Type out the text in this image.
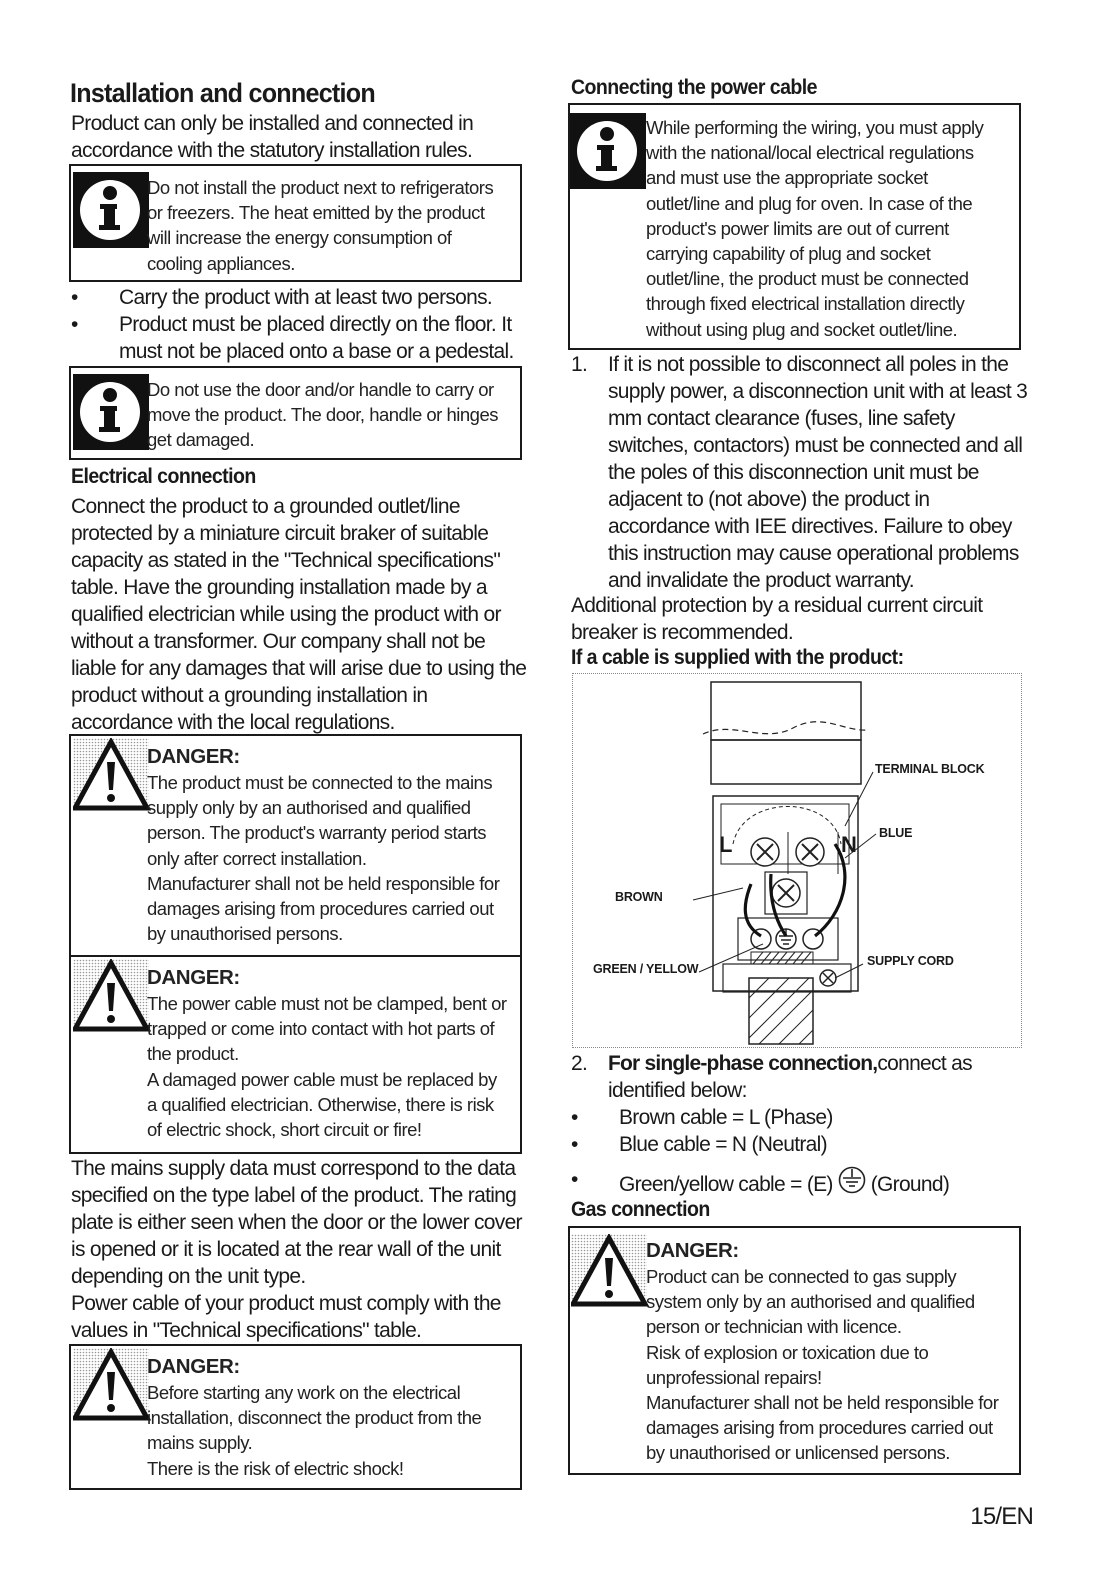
Installation and connection
Product can only be installed and connected in accordance with the statutory installation rules.
Do not install the product next to refrigerators
or freezers. The heat emitted by the product
will increase the energy consumption of
cooling appliances.
• Carry the product with at least two persons.
• Product must be placed directly on the floor. It must not be placed onto a base or a pedestal.
Do not use the door and/or handle to carry or
move the product. The door, handle or hinges
get damaged.
Electrical connection
Connect the product to a grounded outlet/line protected by a miniature circuit braker of suitable capacity as stated in the "Technical specifications" table. Have the grounding installation made by a qualified electrician while using the product with or without a transformer. Our company shall not be liable for any damages that will arise due to using the product without a grounding installation in accordance with the local regulations.
DANGER:
The product must be connected to the mains
supply only by an authorised and qualified
person. The product's warranty period starts
only after correct installation.
Manufacturer shall not be held responsible for
damages arising from procedures carried out
by unauthorised persons.
DANGER:
The power cable must not be clamped, bent or
trapped or come into contact with hot parts of
the product.
A damaged power cable must be replaced by
a qualified electrician. Otherwise, there is risk
of electric shock, short circuit or fire!
The mains supply data must correspond to the data specified on the type label of the product. The rating plate is either seen when the door or the lower cover is opened or it is located at the rear wall of the unit depending on the unit type.
Power cable of your product must comply with the values in "Technical specifications" table.
DANGER:
Before starting any work on the electrical
installation, disconnect the product from the
mains supply.
There is the risk of electric shock!
Connecting the power cable
While performing the wiring, you must apply
with the national/local electrical regulations
and must use the appropriate socket
outlet/line and plug for oven. In case of the
product's power limits are out of current
carrying capability of plug and socket
outlet/line, the product must be connected
through fixed electrical installation directly
without using plug and socket outlet/line.
1. If it is not possible to disconnect all poles in the supply power, a disconnection unit with at least 3 mm contact clearance (fuses, line safety switches, contactors) must be connected and all the poles of this disconnection unit must be adjacent to (not above) the product in accordance with IEE directives. Failure to obey this instruction may cause operational problems and invalidate the product warranty.
Additional protection by a residual current circuit breaker is recommended.
If a cable is supplied with the product:
L	N
TERMINAL BLOCK
BLUE
BROWN
GREEN / YELLOW
SUPPLY CORD
2. For single-phase connection,connect as identified below:
• Brown cable = L (Phase)
• Blue cable = N (Neutral)
• Green/yellow cable = (E) (Ground)
Gas connection
DANGER:
Product can be connected to gas supply
system only by an authorised and qualified
person or technician with licence.
Risk of explosion or toxication due to
unprofessional repairs!
Manufacturer shall not be held responsible for
damages arising from procedures carried out
by unauthorised or unlicensed persons.
15/EN
